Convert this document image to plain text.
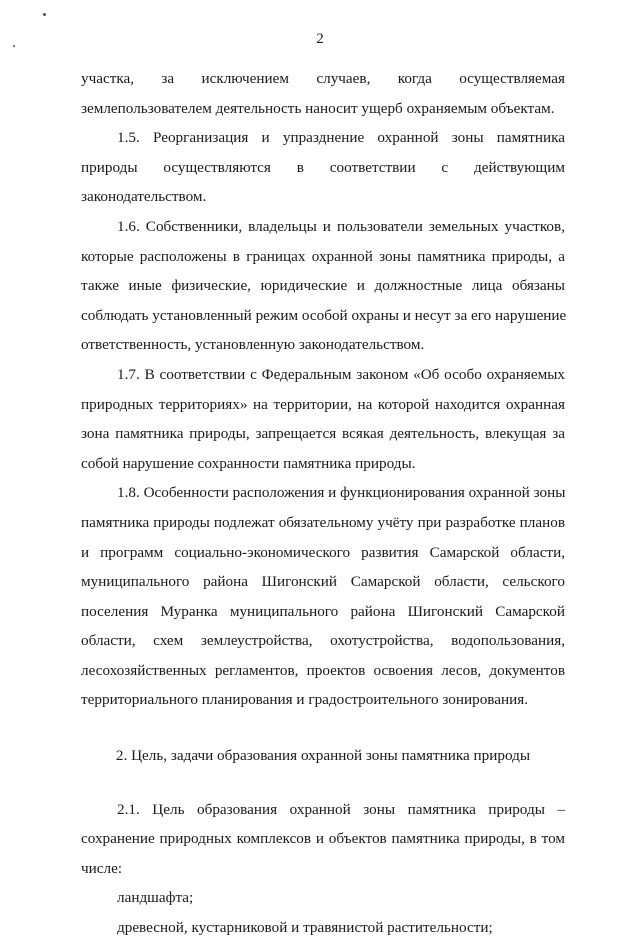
2
участка, за исключением случаев, когда осуществляемая
землепользователем деятельность наносит ущерб охраняемым объектам.
1.5. Реорганизация и упразднение охранной зоны памятника
природы осуществляются в соответствии с действующим
законодательством.
1.6. Собственники, владельцы и пользователи земельных участков,
которые расположены в границах охранной зоны памятника природы, а
также иные физические, юридические и должностные лица обязаны
соблюдать установленный режим особой охраны и несут за его нарушение
ответственность, установленную законодательством.
1.7. В соответствии с Федеральным законом «Об особо охраняемых
природных территориях» на территории, на которой находится охранная
зона памятника природы, запрещается всякая деятельность, влекущая за
собой нарушение сохранности памятника природы.
1.8. Особенности расположения и функционирования охранной зоны
памятника природы подлежат обязательному учёту при разработке планов
и программ социально-экономического развития Самарской области,
муниципального района Шигонский Самарской области, сельского
поселения Муранка муниципального района Шигонский Самарской
области, схем землеустройства, охотустройства, водопользования,
лесохозяйственных регламентов, проектов освоения лесов, документов
территориального планирования и градостроительного зонирования.
2. Цель, задачи образования охранной зоны памятника природы
2.1. Цель образования охранной зоны памятника природы –
сохранение природных комплексов и объектов памятника природы, в том
числе:
ландшафта;
древесной, кустарниковой и травянистой растительности;
